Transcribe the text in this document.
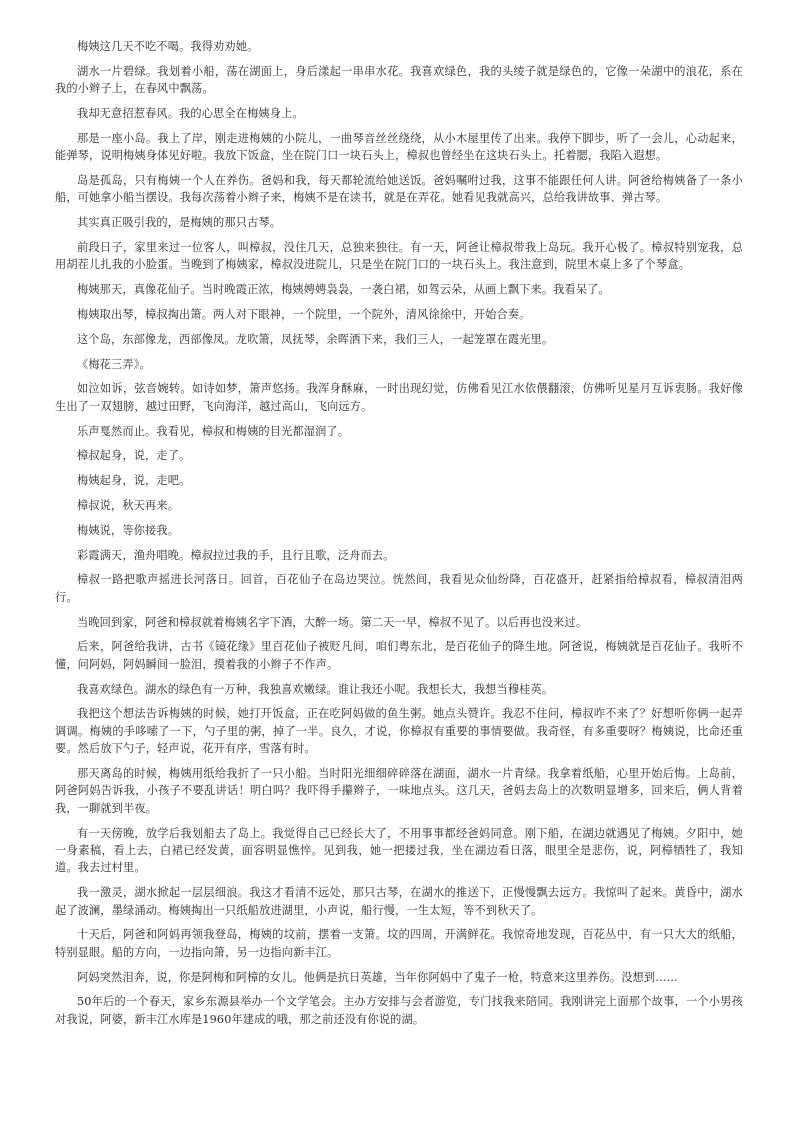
梅姨这几天不吃不喝。我得劝劝她。

湖水一片碧绿。我划着小船，荡在湖面上，身后漾起一串串水花。我喜欢绿色，我的头绫子就是绿色的，它像一朵湖中的浪花，系在我的小辫子上，在春风中飘荡。

我却无意招惹春风。我的心思全在梅姨身上。

那是一座小岛。我上了岸，刚走进梅姨的小院儿，一曲琴音丝丝绕绕，从小木屋里传了出来。我停下脚步，听了一会儿，心动起来，能弹琴，说明梅姨身体见好啦。我放下饭盒，坐在院门口一块石头上，樟叔也曾经坐在这块石头上。托着腮，我陷入遐想。

岛是孤岛，只有梅姨一个人在养伤。爸妈和我，每天都轮流给她送饭。爸妈嘱咐过我，这事不能跟任何人讲。阿爸给梅姨备了一条小船，可她拿小船当摆设。我每次荡着小辫子来，梅姨不是在读书，就是在弄花。她看见我就高兴，总给我讲故事、弹古琴。

其实真正吸引我的，是梅姨的那只古琴。

前段日子，家里来过一位客人，叫樟叔，没住几天，总独来独往。有一天，阿爸让樟叔带我上岛玩。我开心极了。樟叔特别宠我，总用胡茬儿扎我的小脸蛋。当晚到了梅姨家，樟叔没进院儿，只是坐在院门口的一块石头上。我注意到，院里木桌上多了个琴盒。

梅姨那天，真像花仙子。当时晚霞正浓，梅姨娉娉袅袅，一袭白裙，如驾云朵，从画上飘下来。我看呆了。

梅姨取出琴，樟叔掏出箫。两人对下眼神，一个院里，一个院外，清风徐徐中，开始合奏。

这个岛，东部像龙，西部像凤。龙吹箫，凤抚琴，余晖洒下来，我们三人，一起笼罩在霞光里。

《梅花三弄》。

如泣如诉，弦音婉转。如诗如梦，箫声悠扬。我浑身酥麻，一时出现幻觉，仿佛看见江水依偎翻滚，仿佛听见星月互诉衷肠。我好像生出了一双翅膀，越过田野，飞向海洋，越过高山，飞向远方。

乐声戛然而止。我看见，樟叔和梅姨的目光都湿润了。

樟叔起身，说，走了。

梅姨起身，说，走吧。

樟叔说，秋天再来。

梅姨说，等你接我。

彩霞满天，渔舟唱晚。樟叔拉过我的手，且行且歌，泛舟而去。

樟叔一路把歌声摇进长河落日。回首，百花仙子在岛边哭泣。恍然间，我看见众仙纷降，百花盛开，赶紧指给樟叔看，樟叔清泪两行。

当晚回到家，阿爸和樟叔就着梅姨名字下酒，大醉一场。第二天一早，樟叔不见了。以后再也没来过。

后来，阿爸给我讲，古书《镜花缘》里百花仙子被贬凡间，咱们粤东北，是百花仙子的降生地。阿爸说，梅姨就是百花仙子。我听不懂，问阿妈，阿妈瞬间一脸泪，摸着我的小辫子不作声。

我喜欢绿色。湖水的绿色有一万种，我独喜欢嫩绿。谁让我还小呢。我想长大，我想当穆桂英。

我把这个想法告诉梅姨的时候，她打开饭盒，正在吃阿妈做的鱼生粥。她点头赞许。我忍不住问，樟叔咋不来了？好想听你俩一起弄调调。梅姨的手哆嗦了一下，勺子里的粥，掉了一半。良久，才说，你樟叔有重要的事情要做。我奇怪，有多重要呀？梅姨说，比命还重要。然后放下勺子，轻声说，花开有序，雪落有时。

那天离岛的时候，梅姨用纸给我折了一只小船。当时阳光细细碎碎落在湖面，湖水一片青绿。我拿着纸船，心里开始后悔。上岛前，阿爸阿妈告诉我，小孩子不要乱讲话！明白吗？我吓得手攥辫子，一味地点头。这几天，爸妈去岛上的次数明显增多，回来后，俩人背着我，一聊就到半夜。

有一天傍晚，放学后我划船去了岛上。我觉得自己已经长大了，不用事事都经爸妈同意。刚下船，在湖边就遇见了梅姨。夕阳中，她一身素稿，看上去，白裙已经发黄，面容明显憔悴。见到我，她一把搂过我，坐在湖边看日落，眼里全是悲伤，说，阿樟牺牲了，我知道。我去过村里。

我一激灵，湖水掀起一层层细浪。我这才看清不远处，那只古琴，在湖水的推送下，正慢慢飘去远方。我惊叫了起来。黄昏中，湖水起了波澜，墨绿涌动。梅姨掏出一只纸船放进湖里，小声说，船行慢，一生太短，等不到秋天了。

十天后，阿爸和阿妈再领我登岛，梅姨的坟前，摆着一支箫。坟的四周，开满鲜花。我惊奇地发现，百花丛中，有一只大大的纸船，特别显眼。船的方向，一边指向箫，另一边指向新丰江。

阿妈突然泪奔，说，你是阿梅和阿樟的女儿。他俩是抗日英雄，当年你阿妈中了鬼子一枪，特意来这里养伤。没想到……

50年后的一个春天，家乡东源县举办一个文学笔会。主办方安排与会者游览，专门找我来陪同。我刚讲完上面那个故事，一个小男孩对我说，阿婆，新丰江水库是1960年建成的哦，那之前还没有你说的湖。
